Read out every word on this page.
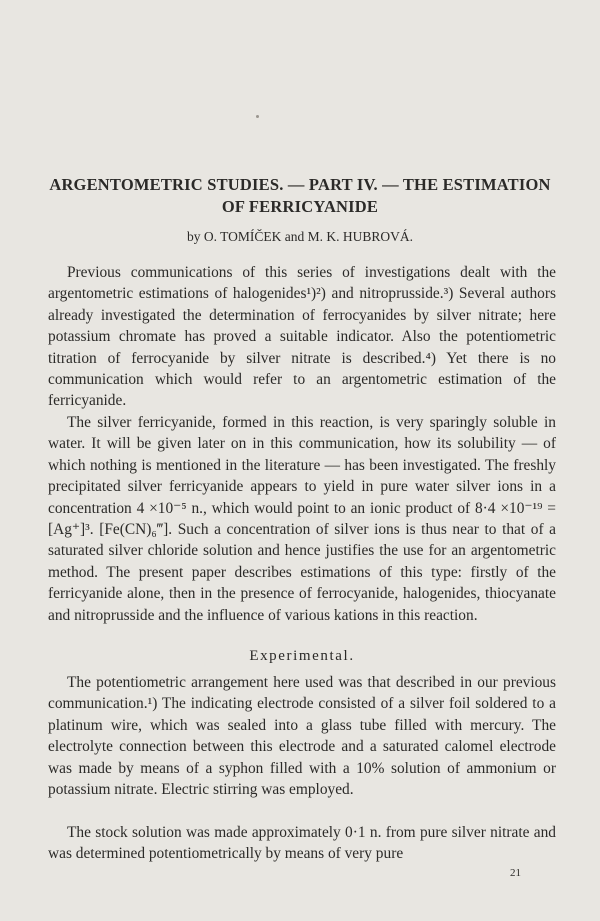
ARGENTOMETRIC STUDIES. — PART IV. — THE ESTIMATION
OF FERRICYANIDE
by O. TOMÍČEK and M. K. HUBROVÁ.

Previous communications of this series of investigations dealt with the argentometric estimations of halogenides¹)²) and nitroprusside.³) Several authors already investigated the determination of ferrocyanides by silver nitrate; here potassium chromate has proved a suitable indicator. Also the potentiometric titration of ferrocyanide by silver nitrate is described.⁴) Yet there is no communication which would refer to an argentometric estimation of the ferricyanide.

The silver ferricyanide, formed in this reaction, is very sparingly soluble in water. It will be given later on in this communication, how its solubility — of which nothing is mentioned in the literature — has been investigated. The freshly precipitated silver ferricyanide appears to yield in pure water silver ions in a concentration 4 ×10⁻⁵ n., which would point to an ionic product of 8·4 ×10⁻¹⁹ = [Ag⁺]³. [Fe(CN)₆‴]. Such a concentration of silver ions is thus near to that of a saturated silver chloride solution and hence justifies the use for an argentometric method. The present paper describes estimations of this type: firstly of the ferricyanide alone, then in the presence of ferrocyanide, halogenides, thiocyanate and nitroprusside and the influence of various kations in this reaction.

Experimental.

The potentiometric arrangement here used was that described in our previous communication.¹) The indicating electrode consisted of a silver foil soldered to a platinum wire, which was sealed into a glass tube filled with mercury. The electrolyte connection between this electrode and a saturated calomel electrode was made by means of a syphon filled with a 10% solution of ammonium or potassium nitrate. Electric stirring was employed.

The stock solution was made approximately 0·1 n. from pure silver nitrate and was determined potentiometrically by means of very pure

21
